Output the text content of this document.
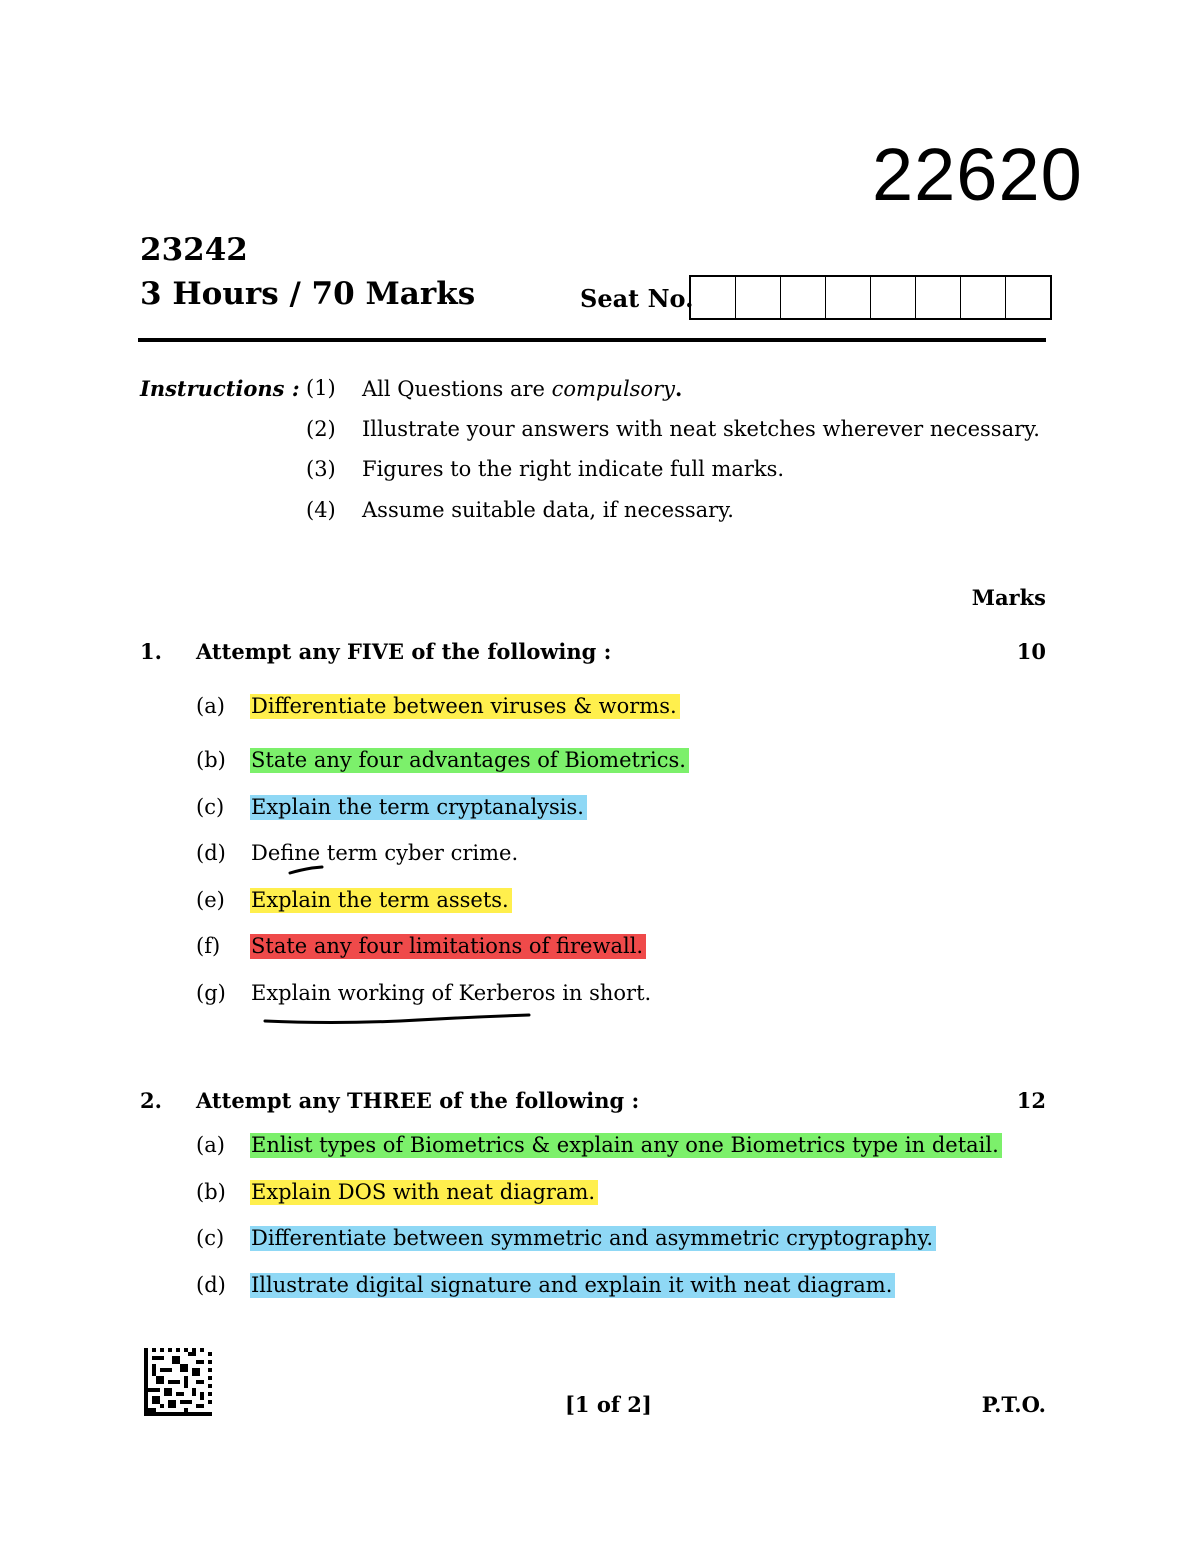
22620
23242
3 Hours / 70 Marks	Seat No.
Instructions : (1) All Questions are compulsory.
(2) Illustrate your answers with neat sketches wherever necessary.
(3) Figures to the right indicate full marks.
(4) Assume suitable data, if necessary.
Marks
1. Attempt any FIVE of the following :	10
(a) Differentiate between viruses & worms.
(b) State any four advantages of Biometrics.
(c) Explain the term cryptanalysis.
(d) Define term cyber crime.
(e) Explain the term assets.
(f) State any four limitations of firewall.
(g) Explain working of Kerberos in short.
2. Attempt any THREE of the following :	12
(a) Enlist types of Biometrics & explain any one Biometrics type in detail.
(b) Explain DOS with neat diagram.
(c) Differentiate between symmetric and asymmetric cryptography.
(d) Illustrate digital signature and explain it with neat diagram.
[1 of 2]	P.T.O.
